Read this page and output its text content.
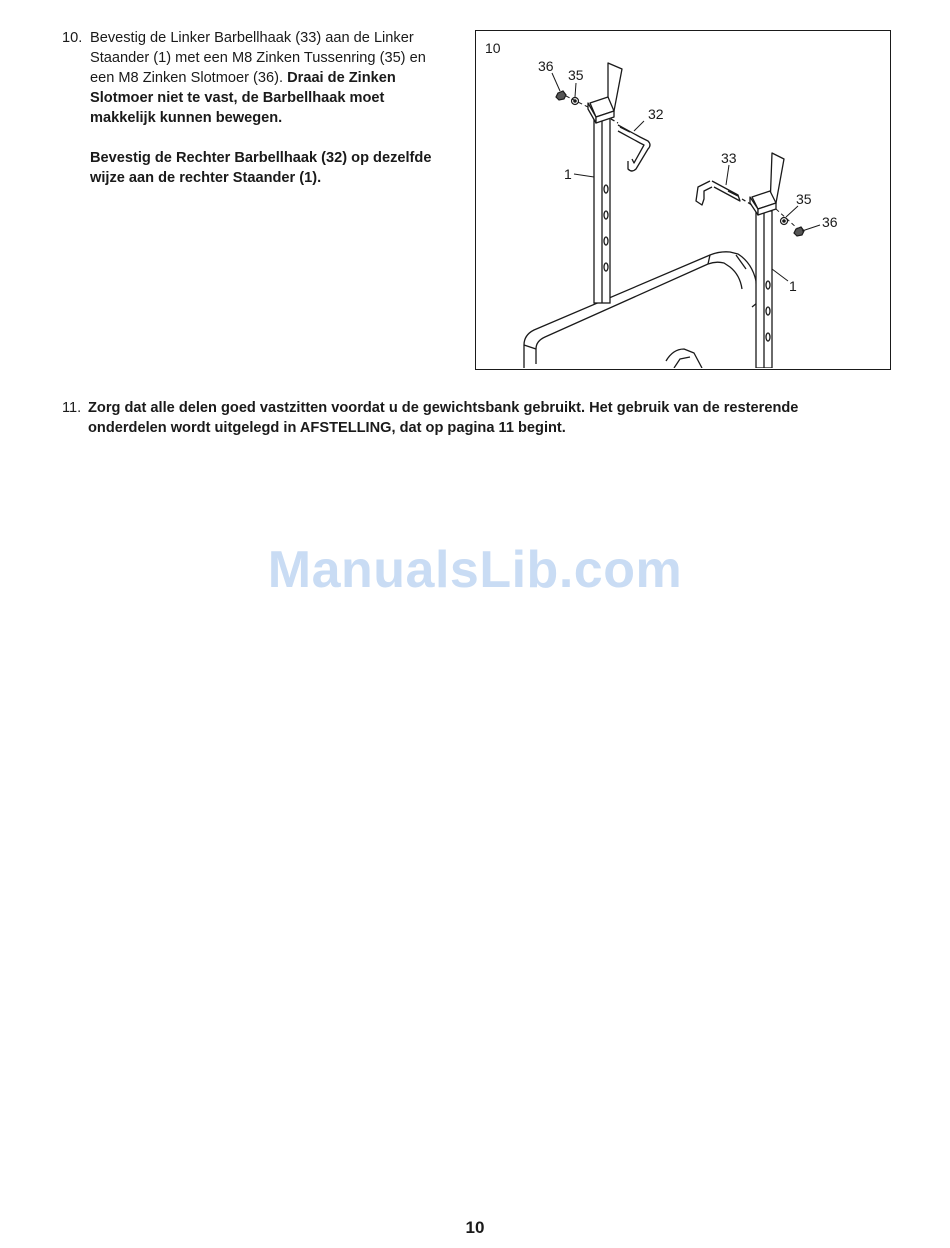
10. Bevestig de Linker Barbellhaak (33) aan de Linker Staander (1) met een M8 Zinken Tussenring (35) en een M8 Zinken Slotmoer (36). Draai de Zinken Slotmoer niet te vast, de Barbellhaak moet makkelijk kunnen bewegen.

Bevestig de Rechter Barbellhaak (32) op dezelfde wijze aan de rechter Staander (1).

10
36
35
32
33
35
36
1
1
11. Zorg dat alle delen goed vastzitten voordat u de gewichtsbank gebruikt. Het gebruik van de resterende onderdelen wordt uitgelegd in AFSTELLING, dat op pagina 11 begint.

ManualsLib.com
10
